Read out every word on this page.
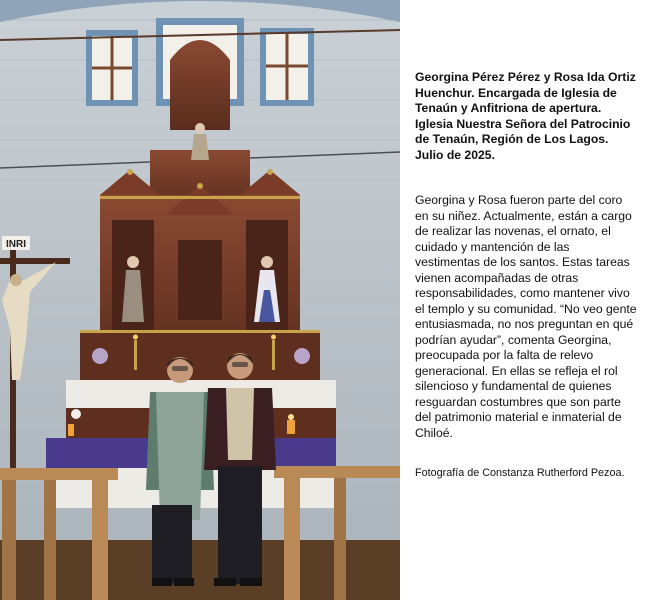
INRI

Georgina Pérez Pérez y Rosa Ida Ortiz Huenchur. Encargada de Iglesia de Tenaún y Anfitriona de apertura. Iglesia Nuestra Señora del Patrocinio de Tenaún, Región de Los Lagos. Julio de 2025.

Georgina y Rosa fueron parte del coro en su niñez. Actualmente, están a cargo de realizar las novenas, el ornato, el cuidado y mantención de las vestimentas de los santos. Estas tareas vienen acompañadas de otras responsabilidades, como mantener vivo el templo y su comunidad. “No veo gente entusiasmada, no nos preguntan en qué podrían ayudar”, comenta Georgina, preocupada por la falta de relevo generacional. En ellas se refleja el rol silencioso y fundamental de quienes resguardan costumbres que son parte del patrimonio material e inmaterial de Chiloé.

Fotografía de Constanza Rutherford Pezoa.
